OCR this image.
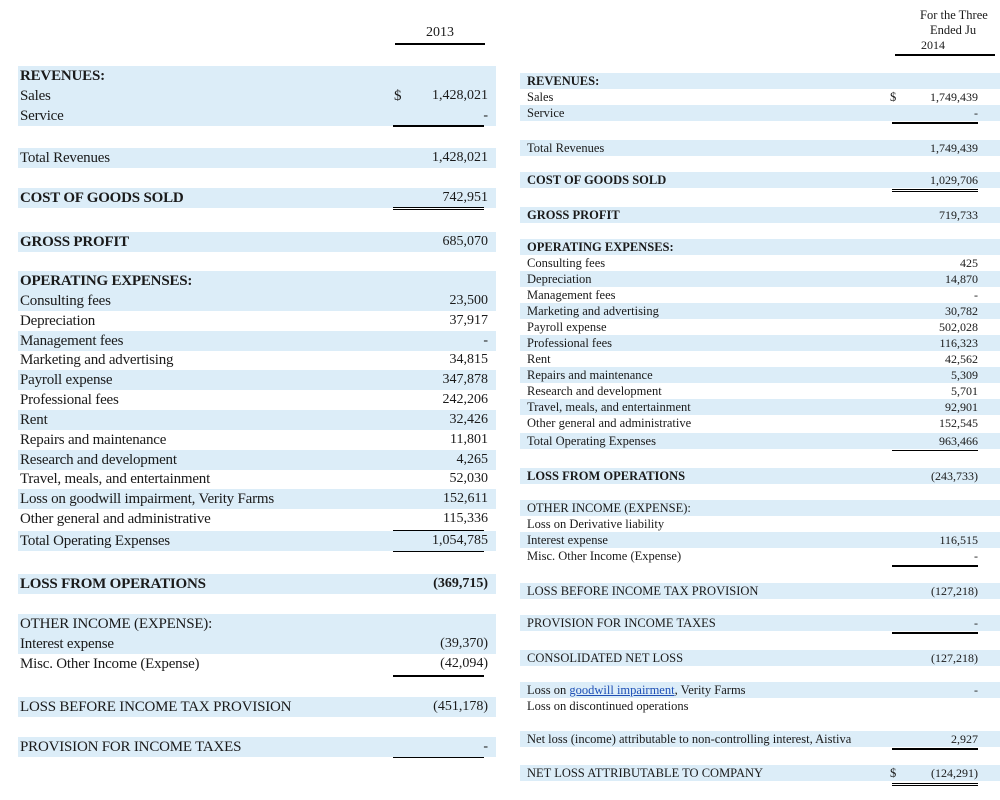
2013
REVENUES:
Sales	$	1,428,021
Service	-
Total Revenues	1,428,021
COST OF GOODS SOLD	742,951
GROSS PROFIT	685,070
OPERATING EXPENSES:
Consulting fees	23,500
Depreciation	37,917
Management fees	-
Marketing and advertising	34,815
Payroll expense	347,878
Professional fees	242,206
Rent	32,426
Repairs and maintenance	11,801
Research and development	4,265
Travel, meals, and entertainment	52,030
Loss on goodwill impairment, Verity Farms	152,611
Other general and administrative	115,336
Total Operating Expenses	1,054,785
LOSS FROM OPERATIONS	(369,715)
OTHER INCOME (EXPENSE):
Interest expense	(39,370)
Misc. Other Income (Expense)	(42,094)
LOSS BEFORE INCOME TAX PROVISION	(451,178)
PROVISION FOR INCOME TAXES	-
For the Three
Ended Ju
2014
REVENUES:
Sales	$	1,749,439
Service	-
Total Revenues	1,749,439
COST OF GOODS SOLD	1,029,706
GROSS PROFIT	719,733
OPERATING EXPENSES:
Consulting fees	425
Depreciation	14,870
Management fees	-
Marketing and advertising	30,782
Payroll expense	502,028
Professional fees	116,323
Rent	42,562
Repairs and maintenance	5,309
Research and development	5,701
Travel, meals, and entertainment	92,901
Other general and administrative	152,545
Total Operating Expenses	963,466
LOSS FROM OPERATIONS	(243,733)
OTHER INCOME (EXPENSE):
Loss on Derivative liability
Interest expense	116,515
Misc. Other Income (Expense)	-
LOSS BEFORE INCOME TAX PROVISION	(127,218)
PROVISION FOR INCOME TAXES	-
CONSOLIDATED NET LOSS	(127,218)
Loss on goodwill impairment, Verity Farms	-
Loss on discontinued operations
Net loss (income) attributable to non-controlling interest, Aistiva	2,927
NET LOSS ATTRIBUTABLE TO COMPANY	$	(124,291)
